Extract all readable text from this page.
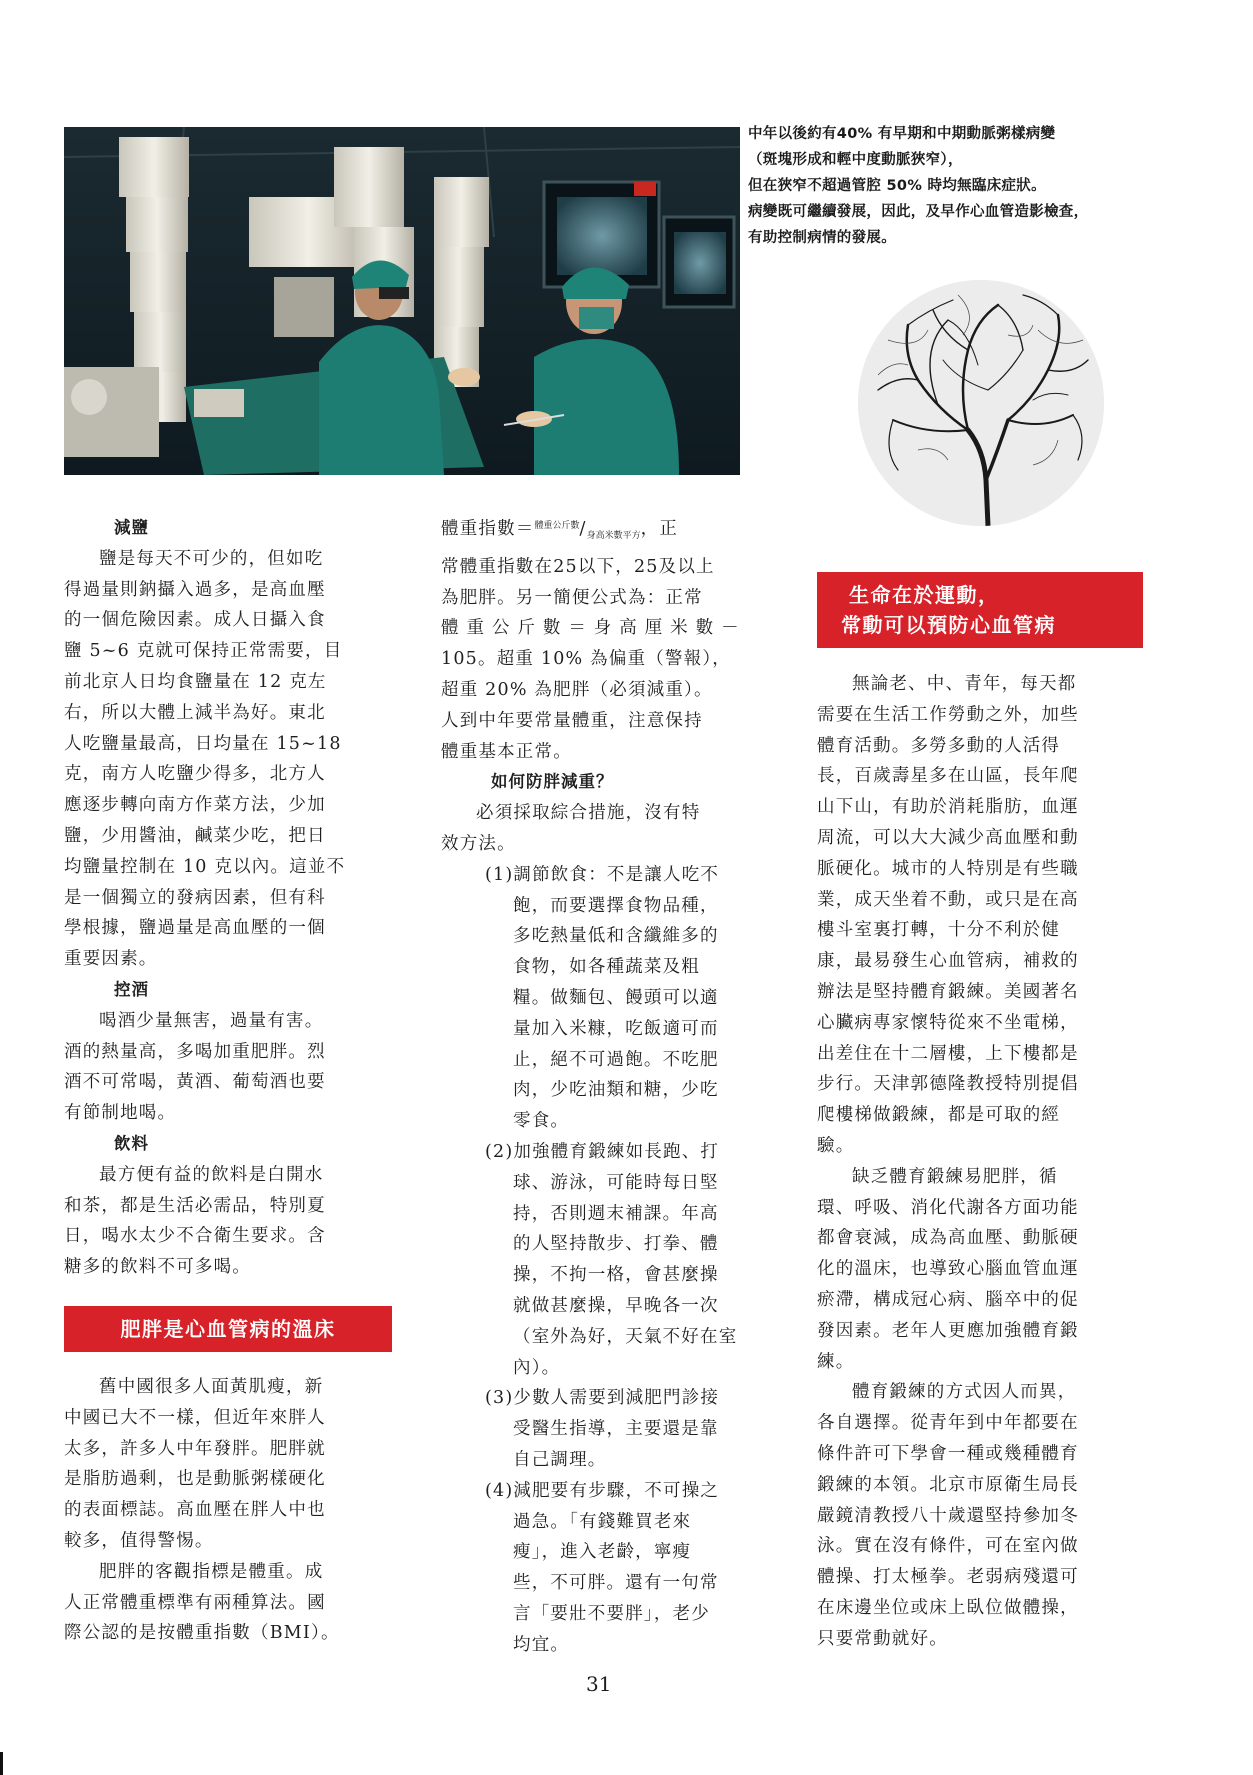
中年以後約有40% 有早期和中期動脈粥樣病變

（斑塊形成和輕中度動脈狹窄），

但在狹窄不超過管腔 50% 時均無臨床症狀。

病變既可繼續發展，因此，及早作心血管造影檢查，

有助控制病情的發展。

減鹽

鹽是每天不可少的，但如吃

得過量則鈉攝入過多，是高血壓

的一個危險因素。成人日攝入食

鹽 5~6 克就可保持正常需要，目

前北京人日均食鹽量在 12 克左

右，所以大體上減半為好。東北

人吃鹽量最高，日均量在 15~18

克，南方人吃鹽少得多，北方人

應逐步轉向南方作菜方法，少加

鹽，少用醬油，鹹菜少吃，把日

均鹽量控制在 10 克以內。這並不

是一個獨立的發病因素，但有科

學根據，鹽過量是高血壓的一個

重要因素。

控酒

喝酒少量無害，過量有害。

酒的熱量高，多喝加重肥胖。烈

酒不可常喝，黃酒、葡萄酒也要

有節制地喝。

飲料

最方便有益的飲料是白開水

和茶，都是生活必需品，特別夏

日，喝水太少不合衛生要求。含

糖多的飲料不可多喝。

肥胖是心血管病的溫床

舊中國很多人面黃肌瘦，新

中國已大不一樣，但近年來胖人

太多，許多人中年發胖。肥胖就

是脂肪過剩，也是動脈粥樣硬化

的表面標誌。高血壓在胖人中也

較多，值得警惕。

肥胖的客觀指標是體重。成

人正常體重標準有兩種算法。國

際公認的是按體重指數（BMI）。

體重指數$=^{體重公斤數}/_{身高米數平方}$，正

常體重指數在25以下，25及以上

為肥胖。另一簡便公式為：正常

體 重 公 斤 數 ＝ 身 高 厘 米 數 －

105。超重 10% 為偏重（警報），

超重 20% 為肥胖（必須減重）。

人到中年要常量體重，注意保持

體重基本正常。

如何防胖減重？

必須採取綜合措施，沒有特

效方法。

(1)調節飲食：不是讓人吃不

飽，而要選擇食物品種，

多吃熱量低和含纖維多的

食物，如各種蔬菜及粗

糧。做麵包、饅頭可以適

量加入米糠，吃飯適可而

止，絕不可過飽。不吃肥

肉，少吃油類和糖，少吃

零食。

(2)加強體育鍛練如長跑、打

球、游泳，可能時每日堅

持，否則週末補課。年高

的人堅持散步、打拳、體

操，不拘一格，會甚麼操

就做甚麼操，早晚各一次

（室外為好，天氣不好在室

內）。

(3)少數人需要到減肥門診接

受醫生指導，主要還是靠

自己調理。

(4)減肥要有步驟，不可操之

過急。「有錢難買老來

瘦」，進入老齡，寧瘦

些，不可胖。還有一句常

言「要壯不要胖」，老少

均宜。

生命在於運動，

常動可以預防心血管病

無論老、中、青年，每天都

需要在生活工作勞動之外，加些

體育活動。多勞多動的人活得

長，百歲壽星多在山區，長年爬

山下山，有助於消耗脂肪，血運

周流，可以大大減少高血壓和動

脈硬化。城市的人特別是有些職

業，成天坐着不動，或只是在高

樓斗室裏打轉，十分不利於健

康，最易發生心血管病，補救的

辦法是堅持體育鍛練。美國著名

心臟病專家懷特從來不坐電梯，

出差住在十二層樓，上下樓都是

步行。天津郭德隆教授特別提倡

爬樓梯做鍛練，都是可取的經

驗。

缺乏體育鍛練易肥胖，循

環、呼吸、消化代謝各方面功能

都會衰減，成為高血壓、動脈硬

化的溫床，也導致心腦血管血運

瘀滯，構成冠心病、腦卒中的促

發因素。老年人更應加強體育鍛

練。

體育鍛練的方式因人而異，

各自選擇。從青年到中年都要在

條件許可下學會一種或幾種體育

鍛練的本領。北京市原衛生局長

嚴鏡清教授八十歲還堅持參加冬

泳。實在沒有條件，可在室內做

體操、打太極拳。老弱病殘還可

在床邊坐位或床上臥位做體操，

只要常動就好。

31
